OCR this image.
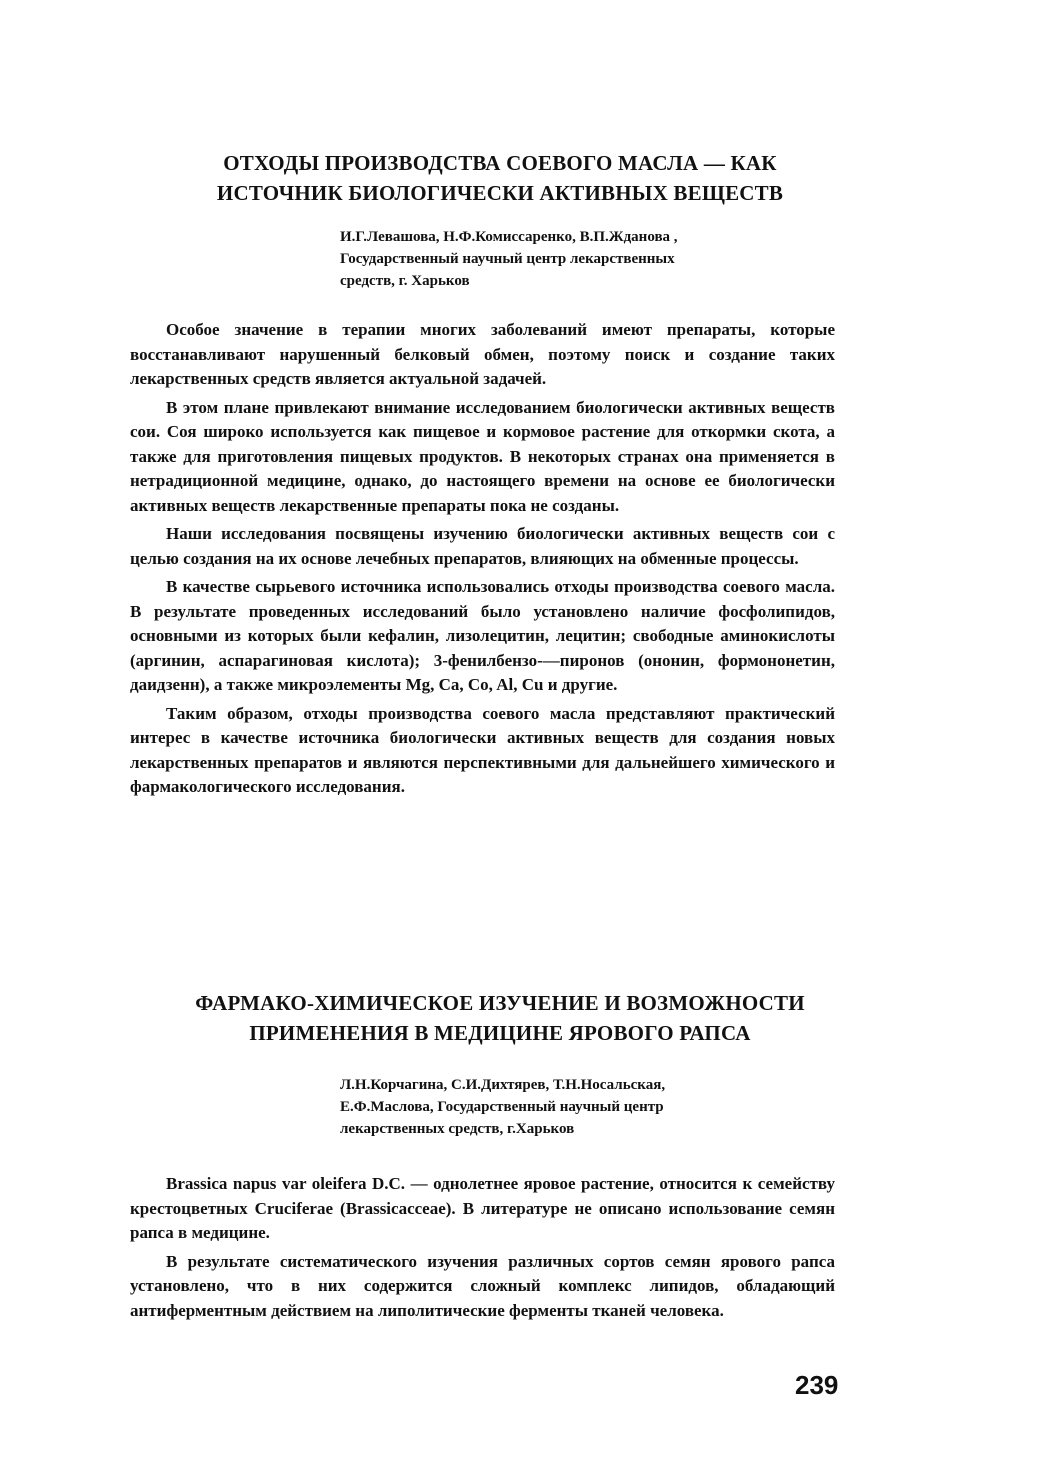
ОТХОДЫ ПРОИЗВОДСТВА СОЕВОГО МАСЛА — КАК
ИСТОЧНИК БИОЛОГИЧЕСКИ АКТИВНЫХ ВЕЩЕСТВ
И.Г.Левашова, Н.Ф.Комиссаренко, В.П.Жданова ,
Государственный научный центр лекарственных
средств, г. Харьков

Особое значение в терапии многих заболеваний имеют препараты, которые восстанавливают нарушенный белковый обмен, поэтому поиск и создание таких лекарственных средств является актуальной задачей.

В этом плане привлекают внимание исследованием биологически активных веществ сои. Соя широко используется как пищевое и кормовое растение для откормки скота, а также для приготовления пищевых продуктов. В некоторых странах она применяется в нетрадиционной медицине, однако, до настоящего времени на основе ее биологически активных веществ лекарственные препараты пока не созданы.

Наши исследования посвящены изучению биологически активных веществ сои с целью создания на их основе лечебных препаратов, влияющих на обменные процессы.

В качестве сырьевого источника использовались отходы производства соевого масла. В результате проведенных исследований было установлено наличие фосфолипидов, основными из которых были кефалин, лизолецитин, лецитин; свободные аминокислоты (аргинин, аспарагиновая кислота); 3-фенилбензо-—пиронов (ононин, формононетин, даидзенн), а также микроэлементы Mg, Ca, Co, Al, Cu и другие.

Таким образом, отходы производства соевого масла представляют практический интерес в качестве источника биологически активных веществ для создания новых лекарственных препаратов и являются перспективными для дальнейшего химического и фармакологического исследования.

ФАРМАКО-ХИМИЧЕСКОЕ ИЗУЧЕНИЕ И ВОЗМОЖНОСТИ
ПРИМЕНЕНИЯ В МЕДИЦИНЕ ЯРОВОГО РАПСА
Л.Н.Корчагина, С.И.Дихтярев, Т.Н.Носальская,
Е.Ф.Маслова, Государственный научный центр
лекарственных средств, г.Харьков

Brassica napus var oleifera D.C. — однолетнее яровое растение, относится к семейству крестоцветных Cruciferae (Brassicacceae). В литературе не описано использование семян рапса в медицине.

В результате систематического изучения различных сортов семян ярового рапса установлено, что в них содержится сложный комплекс липидов, обладающий антиферментным действием на липолитические ферменты тканей человека.

239
